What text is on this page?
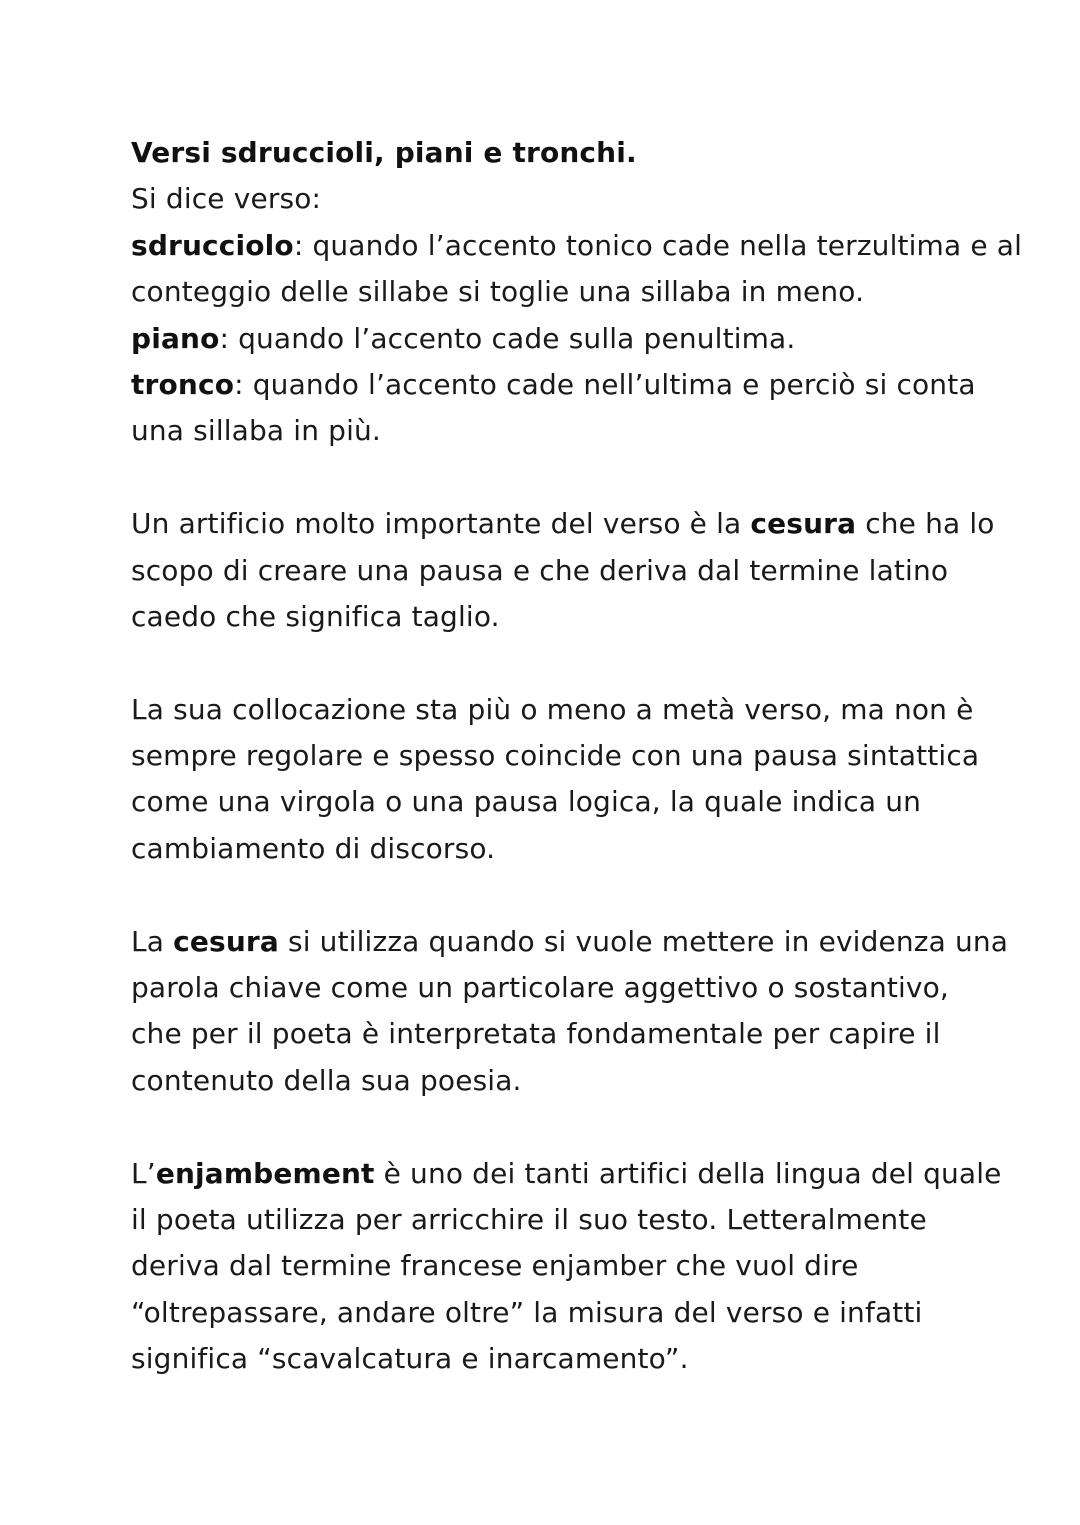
Versi sdruccioli, piani e tronchi.
Si dice verso:
sdrucciolo: quando l’accento tonico cade nella terzultima e al
conteggio delle sillabe si toglie una sillaba in meno.
piano: quando l’accento cade sulla penultima.
tronco: quando l’accento cade nell’ultima e perciò si conta
una sillaba in più.
Un artificio molto importante del verso è la cesura che ha lo
scopo di creare una pausa e che deriva dal termine latino
caedo che significa taglio.
La sua collocazione sta più o meno a metà verso, ma non è
sempre regolare e spesso coincide con una pausa sintattica
come una virgola o una pausa logica, la quale indica un
cambiamento di discorso.
La cesura si utilizza quando si vuole mettere in evidenza una
parola chiave come un particolare aggettivo o sostantivo,
che per il poeta è interpretata fondamentale per capire il
contenuto della sua poesia.
L’enjambement è uno dei tanti artifici della lingua del quale
il poeta utilizza per arricchire il suo testo. Letteralmente
deriva dal termine francese enjamber che vuol dire
“oltrepassare, andare oltre” la misura del verso e infatti
significa “scavalcatura e inarcamento”.
